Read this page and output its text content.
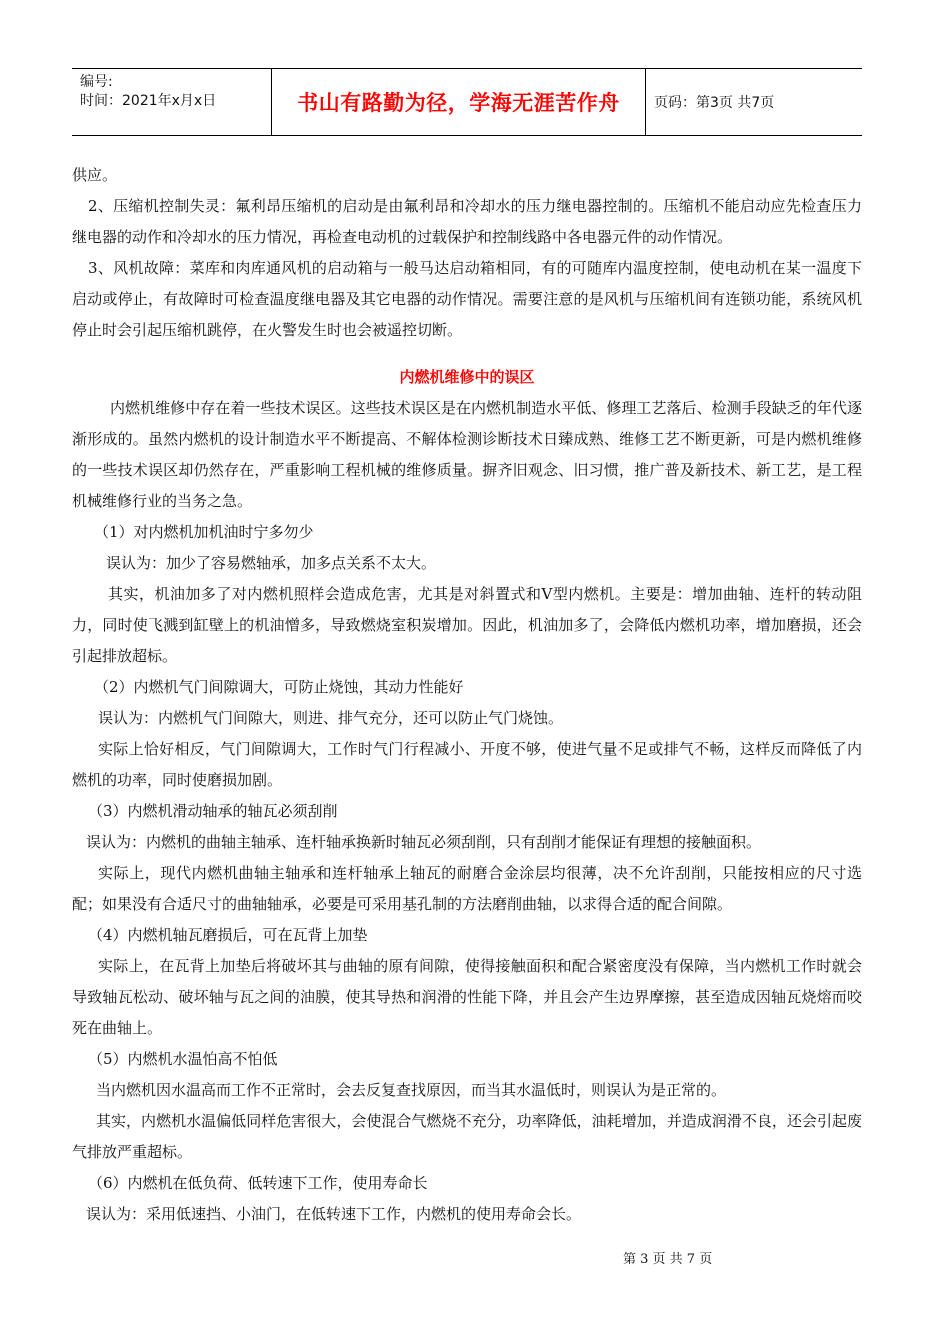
编号:
时间：2021年x月x日	书山有路勤为径，学海无涯苦作舟 页码：第3页 共7页

供应。

2、压缩机控制失灵：氟利昂压缩机的启动是由氟利昂和冷却水的压力继电器控制的。压缩机不能启动应先检查压力继电器的动作和冷却水的压力情况，再检查电动机的过载保护和控制线路中各电器元件的动作情况。

3、风机故障：菜库和肉库通风机的启动箱与一般马达启动箱相同，有的可随库内温度控制，使电动机在某一温度下启动或停止，有故障时可检查温度继电器及其它电器的动作情况。需要注意的是风机与压缩机间有连锁功能，系统风机停止时会引起压缩机跳停，在火警发生时也会被遥控切断。

内燃机维修中的误区

内燃机维修中存在着一些技术误区。这些技术误区是在内燃机制造水平低、修理工艺落后、检测手段缺乏的年代逐渐形成的。虽然内燃机的设计制造水平不断提高、不解体检测诊断技术日臻成熟、维修工艺不断更新，可是内燃机维修的一些技术误区却仍然存在，严重影响工程机械的维修质量。摒齐旧观念、旧习惯，推广普及新技术、新工艺，是工程机械维修行业的当务之急。

（1）对内燃机加机油时宁多勿少

误认为：加少了容易燃轴承，加多点关系不太大。

其实，机油加多了对内燃机照样会造成危害，尤其是对斜置式和V型内燃机。主要是：增加曲轴、连杆的转动阻力，同时使飞溅到缸壁上的机油憎多，导致燃烧室积炭增加。因此，机油加多了，会降低内燃机功率，增加磨损，还会引起排放超标。

（2）内燃机气门间隙调大，可防止烧蚀，其动力性能好

误认为：内燃机气门间隙大，则进、排气充分，还可以防止气门烧蚀。

实际上恰好相反，气门间隙调大，工作时气门行程减小、开度不够，使进气量不足或排气不畅，这样反而降低了内燃机的功率，同时使磨损加剧。

（3）内燃机滑动轴承的轴瓦必须刮削

误认为：内燃机的曲轴主轴承、连杆轴承换新时轴瓦必须刮削，只有刮削才能保证有理想的接触面积。

实际上，现代内燃机曲轴主轴承和连杆轴承上轴瓦的耐磨合金涂层均很薄，决不允许刮削，只能按相应的尺寸选配；如果没有合适尺寸的曲轴轴承，必要是可采用基孔制的方法磨削曲轴，以求得合适的配合间隙。

（4）内燃机轴瓦磨损后，可在瓦背上加垫

实际上，在瓦背上加垫后将破坏其与曲轴的原有间隙，使得接触面积和配合紧密度没有保障，当内燃机工作时就会导致轴瓦松动、破坏轴与瓦之间的油膜，使其导热和润滑的性能下降，并且会产生边界摩擦，甚至造成因轴瓦烧熔而咬死在曲轴上。

（5）内燃机水温怕高不怕低

当内燃机因水温高而工作不正常时，会去反复查找原因，而当其水温低时，则误认为是正常的。

其实，内燃机水温偏低同样危害很大，会使混合气燃烧不充分，功率降低，油耗增加，并造成润滑不良，还会引起废气排放严重超标。

（6）内燃机在低负荷、低转速下工作，使用寿命长

误认为：采用低速挡、小油门，在低转速下工作，内燃机的使用寿命会长。

第 3 页 共 7 页
